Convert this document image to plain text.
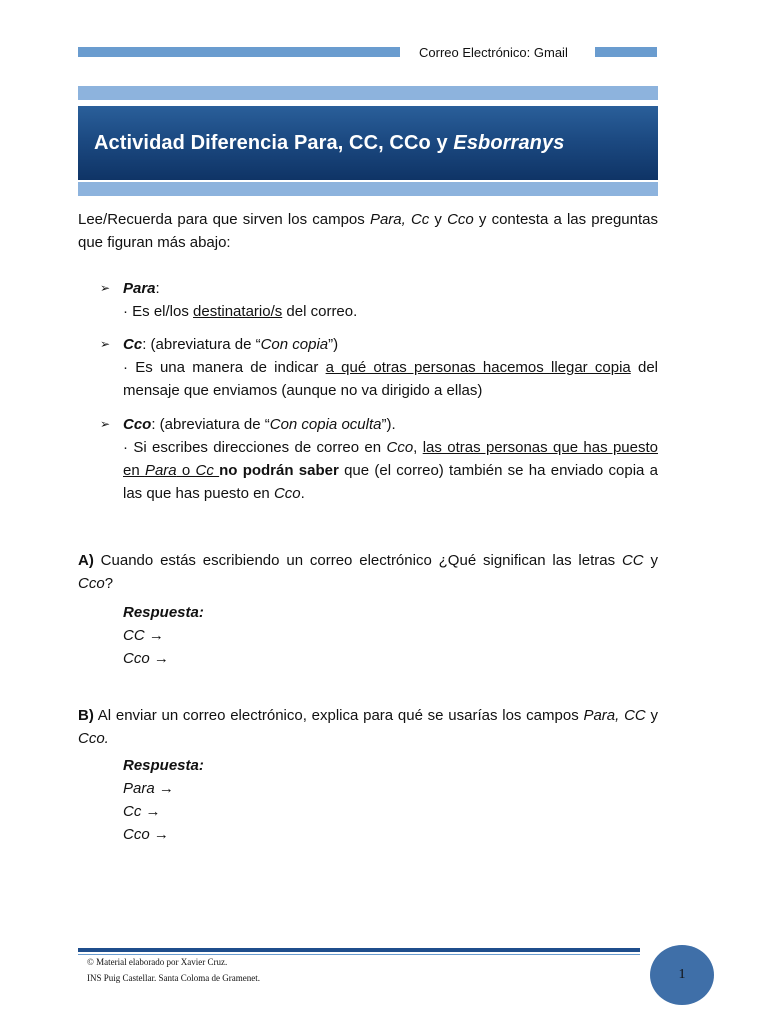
Correo Electrónico: Gmail
Actividad Diferencia Para, CC, CCo y Esborranys
Lee/Recuerda para que sirven los campos Para, Cc y Cco y contesta a las preguntas que figuran más abajo:
➢ Para:
· Es el/los destinatario/s del correo.
➢ Cc: (abreviatura de “Con copia”)
· Es una manera de indicar a qué otras personas hacemos llegar copia del mensaje que enviamos (aunque no va dirigido a ellas)
➢ Cco: (abreviatura de “Con copia oculta”).
· Si escribes direcciones de correo en Cco, las otras personas que has puesto en Para o Cc no podrán saber que (el correo) también se ha enviado copia a las que has puesto en Cco.
A) Cuando estás escribiendo un correo electrónico ¿Qué significan las letras CC y Cco?
Respuesta:
CC →
Cco →
B) Al enviar un correo electrónico, explica para qué se usarías los campos Para, CC y Cco.
Respuesta:
Para →
Cc →
Cco →
© Material elaborado por Xavier Cruz.
INS Puig Castellar. Santa Coloma de Gramenet.	1
